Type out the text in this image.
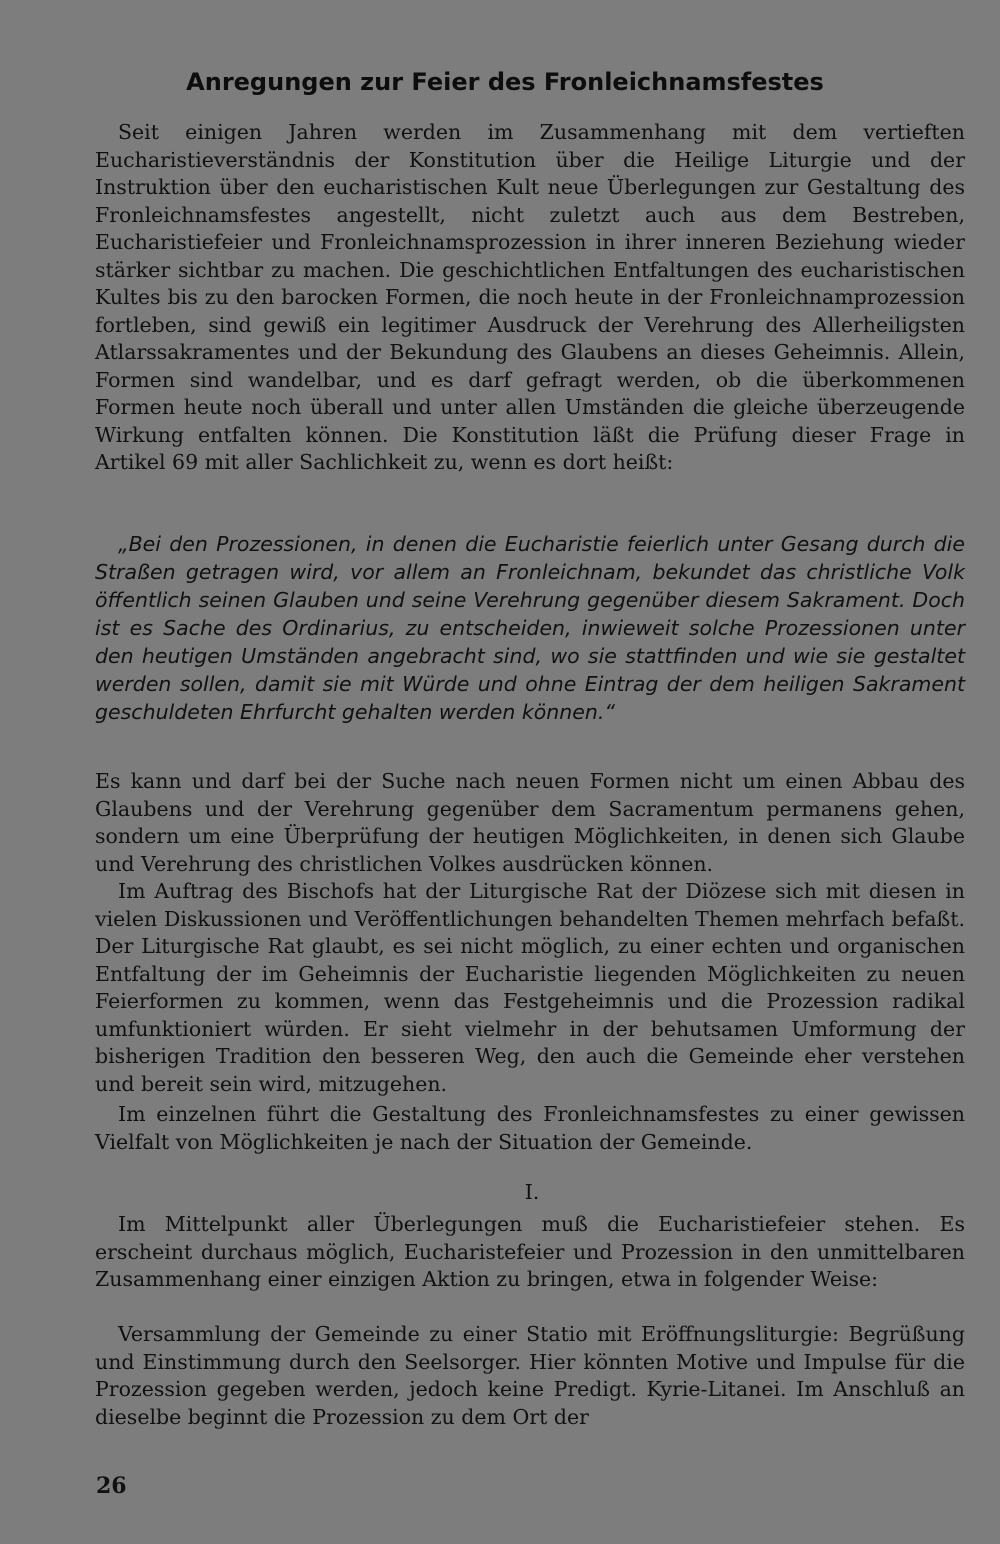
Anregungen zur Feier des Fronleichnamsfestes

Seit einigen Jahren werden im Zusammenhang mit dem vertieften Eucharistieverständnis der Konstitution über die Heilige Liturgie und der Instruktion über den eucharistischen Kult neue Überlegungen zur Gestaltung des Fronleichnamsfestes angestellt, nicht zuletzt auch aus dem Bestreben, Eucharistiefeier und Fronleichnamsprozession in ihrer inneren Beziehung wieder stärker sichtbar zu machen. Die geschichtlichen Entfaltungen des eucharistischen Kultes bis zu den barocken Formen, die noch heute in der Fronleichnamprozession fortleben, sind gewiß ein legitimer Ausdruck der Verehrung des Allerheiligsten Atlarssakramentes und der Bekundung des Glaubens an dieses Geheimnis. Allein, Formen sind wandelbar, und es darf gefragt werden, ob die überkommenen Formen heute noch überall und unter allen Umständen die gleiche überzeugende Wirkung entfalten können. Die Konstitution läßt die Prüfung dieser Frage in Artikel 69 mit aller Sachlichkeit zu, wenn es dort heißt:

„Bei den Prozessionen, in denen die Eucharistie feierlich unter Gesang durch die Straßen getragen wird, vor allem an Fronleichnam, bekundet das christliche Volk öffentlich seinen Glauben und seine Verehrung gegenüber diesem Sakrament. Doch ist es Sache des Ordinarius, zu entscheiden, inwieweit solche Prozessionen unter den heutigen Umständen angebracht sind, wo sie stattfinden und wie sie gestaltet werden sollen, damit sie mit Würde und ohne Eintrag der dem heiligen Sakrament geschuldeten Ehrfurcht gehalten werden können.“

Es kann und darf bei der Suche nach neuen Formen nicht um einen Abbau des Glaubens und der Verehrung gegenüber dem Sacramentum permanens gehen, sondern um eine Überprüfung der heutigen Möglichkeiten, in denen sich Glaube und Verehrung des christlichen Volkes ausdrücken können.

Im Auftrag des Bischofs hat der Liturgische Rat der Diözese sich mit diesen in vielen Diskussionen und Veröffentlichungen behandelten Themen mehrfach befaßt. Der Liturgische Rat glaubt, es sei nicht möglich, zu einer echten und organischen Entfaltung der im Geheimnis der Eucharistie liegenden Möglichkeiten zu neuen Feierformen zu kommen, wenn das Festgeheimnis und die Prozession radikal umfunktioniert würden. Er sieht vielmehr in der behutsamen Umformung der bisherigen Tradition den besseren Weg, den auch die Gemeinde eher verstehen und bereit sein wird, mitzugehen.

Im einzelnen führt die Gestaltung des Fronleichnamsfestes zu einer gewissen Vielfalt von Möglichkeiten je nach der Situation der Gemeinde.

I.

Im Mittelpunkt aller Überlegungen muß die Eucharistiefeier stehen. Es erscheint durchaus möglich, Eucharistefeier und Prozession in den unmittelbaren Zusammenhang einer einzigen Aktion zu bringen, etwa in folgender Weise:

Versammlung der Gemeinde zu einer Statio mit Eröffnungsliturgie: Begrüßung und Einstimmung durch den Seelsorger. Hier könnten Motive und Impulse für die Prozession gegeben werden, jedoch keine Predigt. Kyrie-Litanei. Im Anschluß an dieselbe beginnt die Prozession zu dem Ort der

26
